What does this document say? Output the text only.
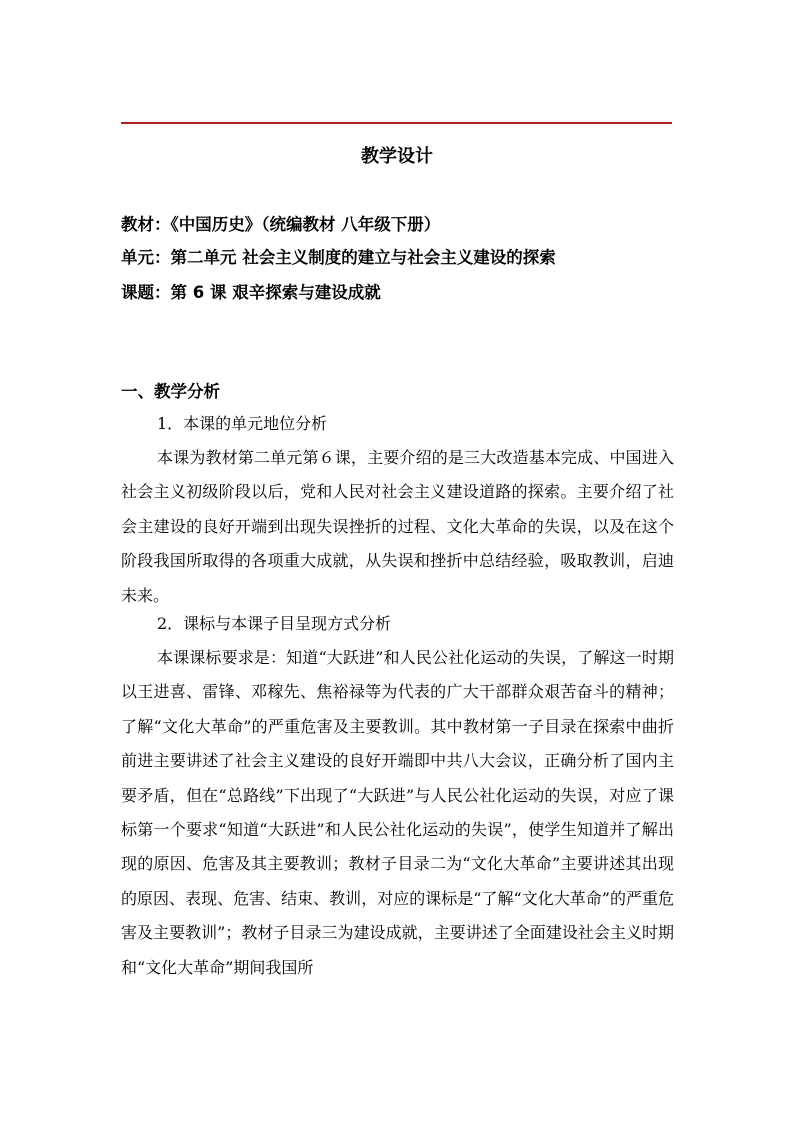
教学设计
教材：《中国历史》（统编教材 八年级下册）
单元：第二单元 社会主义制度的建立与社会主义建设的探索
课题：第 6 课 艰辛探索与建设成就
一、教学分析
1．本课的单元地位分析
本课为教材第二单元第６课，主要介绍的是三大改造基本完成、中国进入社会主义初级阶段以后，党和人民对社会主义建设道路的探索。主要介绍了社会主建设的良好开端到出现失误挫折的过程、文化大革命的失误，以及在这个阶段我国所取得的各项重大成就，从失误和挫折中总结经验，吸取教训，启迪未来。
2．课标与本课子目呈现方式分析
本课课标要求是：知道“大跃进”和人民公社化运动的失误，了解这一时期以王进喜、雷锋、邓稼先、焦裕禄等为代表的广大干部群众艰苦奋斗的精神；了解“文化大革命”的严重危害及主要教训。其中教材第一子目录在探索中曲折前进主要讲述了社会主义建设的良好开端即中共八大会议，正确分析了国内主要矛盾，但在“总路线”下出现了“大跃进”与人民公社化运动的失误，对应了课标第一个要求“知道“大跃进”和人民公社化运动的失误”，使学生知道并了解出现的原因、危害及其主要教训；教材子目录二为“文化大革命”主要讲述其出现的原因、表现、危害、结束、教训，对应的课标是“了解“文化大革命”的严重危害及主要教训”；教材子目录三为建设成就，主要讲述了全面建设社会主义时期和“文化大革命”期间我国所
